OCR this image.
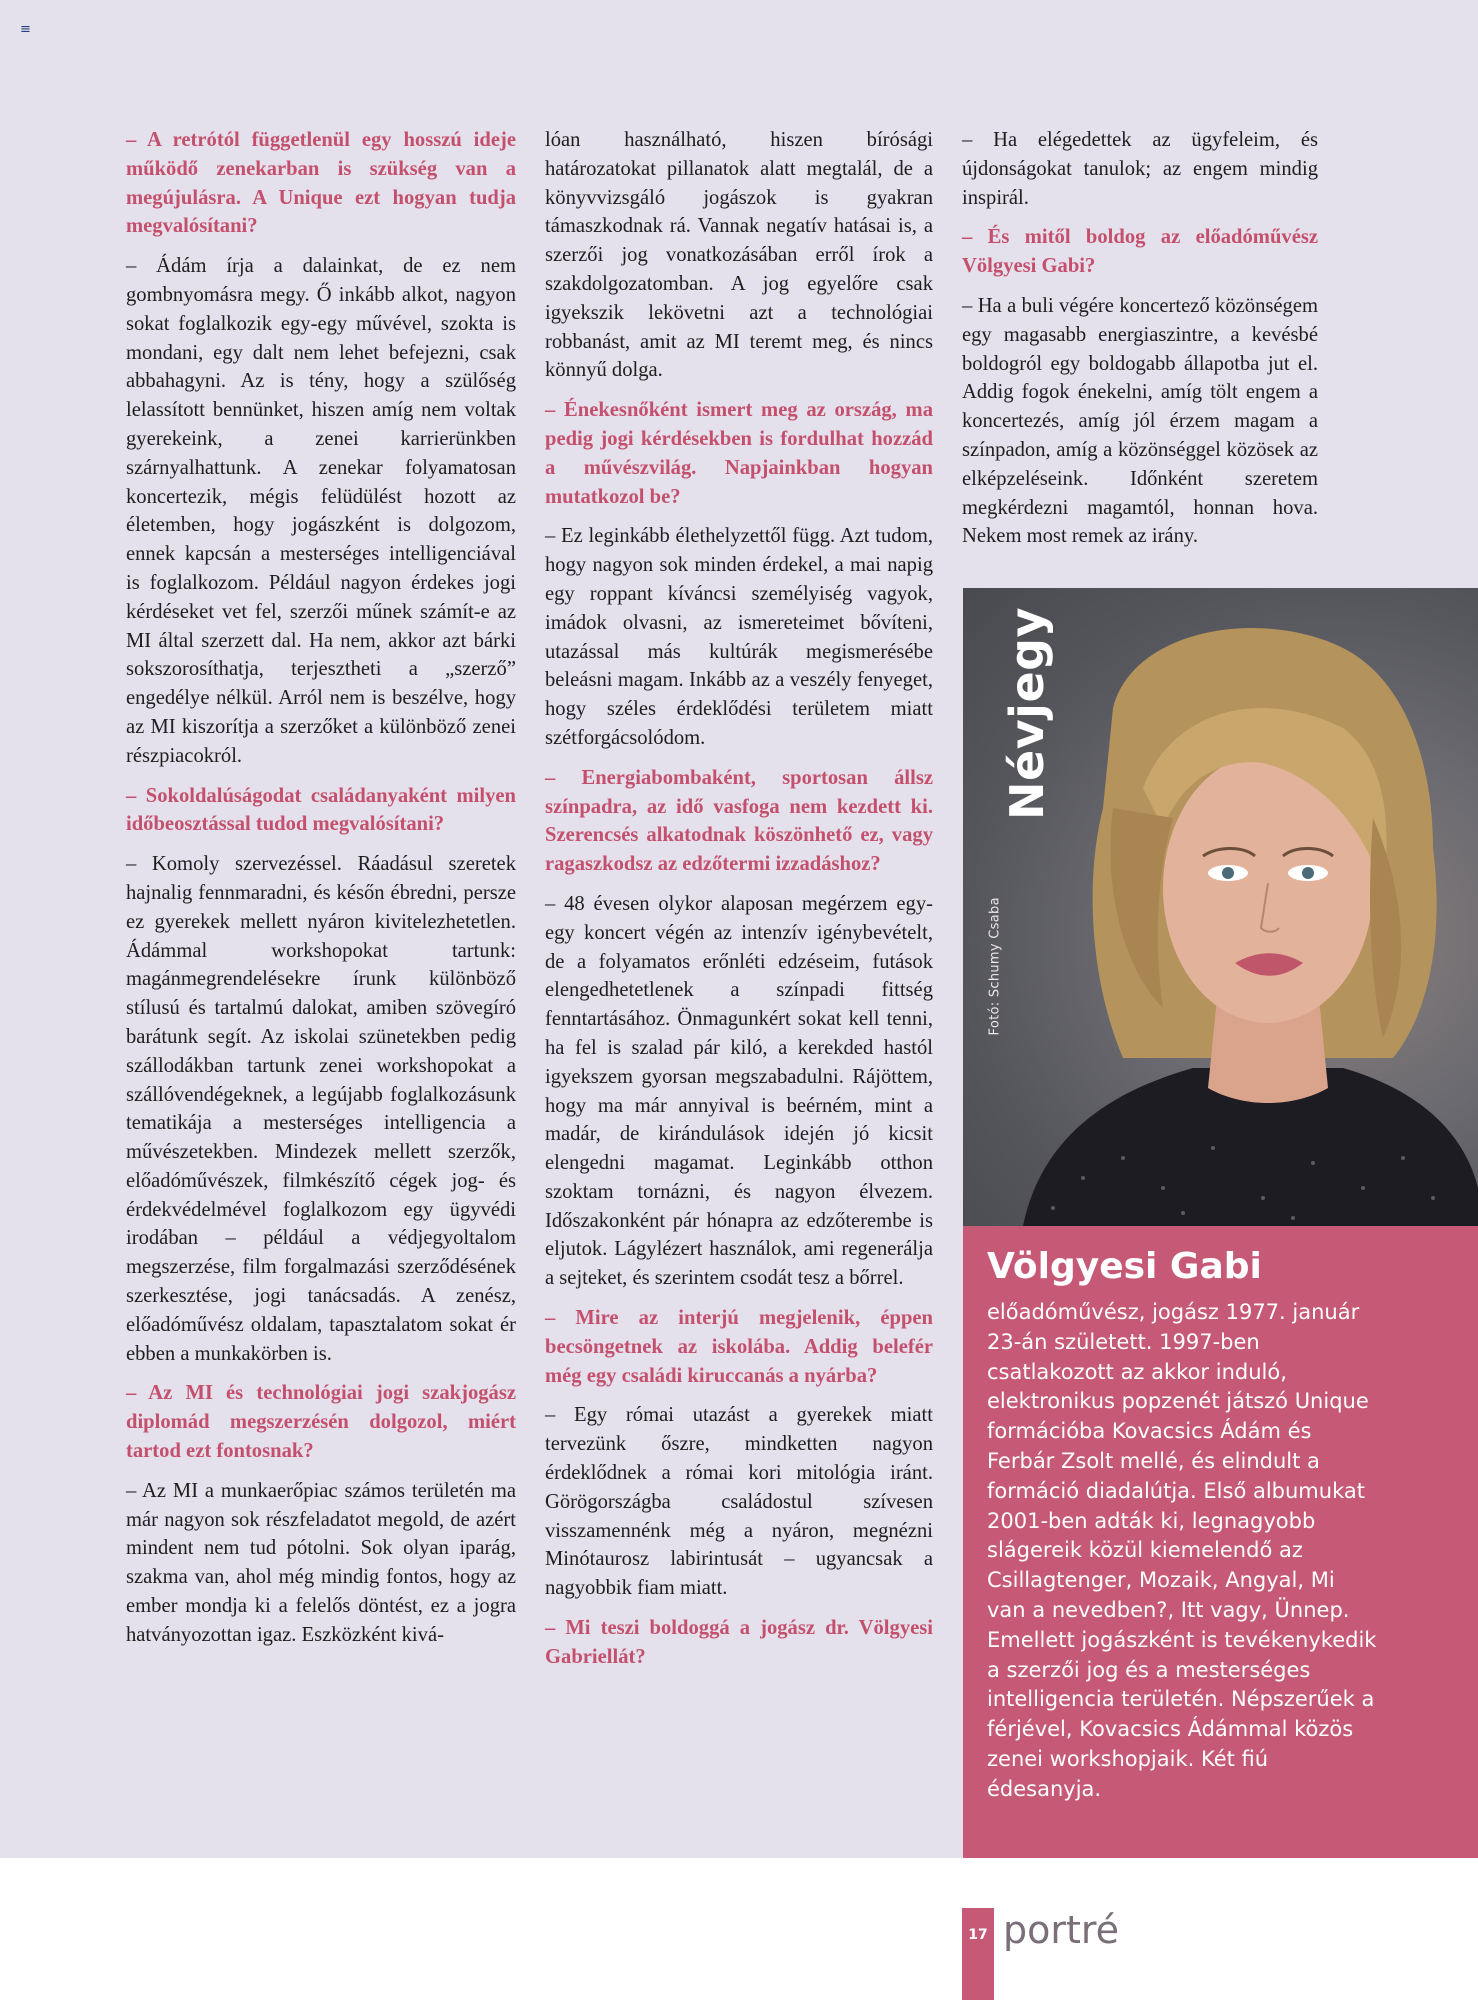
≡

– A retrótól függetlenül egy hosszú ideje működő zenekarban is szükség van a megújulásra. A Unique ezt hogyan tudja megvalósítani?

– Ádám írja a dalainkat, de ez nem gombnyomásra megy. Ő inkább alkot, nagyon sokat foglalkozik egy-egy művével, szokta is mondani, egy dalt nem lehet befejezni, csak abbahagyni. Az is tény, hogy a szülőség lelassított bennünket, hiszen amíg nem voltak gyerekeink, a zenei karrierünkben szárnyalhattunk. A zenekar folyamatosan koncertezik, mégis felüdülést hozott az életemben, hogy jogászként is dolgozom, ennek kapcsán a mesterséges intelligenciával is foglalkozom. Például nagyon érdekes jogi kérdéseket vet fel, szerzői műnek számít-e az MI által szerzett dal. Ha nem, akkor azt bárki sokszorosíthatja, terjesztheti a „szerző” engedélye nélkül. Arról nem is beszélve, hogy az MI kiszorítja a szerzőket a különböző zenei részpiacokról.

– Sokoldalúságodat családanyaként milyen időbeosztással tudod megvalósítani?

– Komoly szervezéssel. Ráadásul szeretek hajnalig fennmaradni, és későn ébredni, persze ez gyerekek mellett nyáron kivitelezhetetlen. Ádámmal workshopokat tartunk: magánmegrendelésekre írunk különböző stílusú és tartalmú dalokat, amiben szövegíró barátunk segít. Az iskolai szünetekben pedig szállodákban tartunk zenei workshopokat a szállóvendégeknek, a legújabb foglalkozásunk tematikája a mesterséges intelligencia a művészetekben. Mindezek mellett szerzők, előadóművészek, filmkészítő cégek jog- és érdekvédelmével foglalkozom egy ügyvédi irodában – például a védjegyoltalom megszerzése, film forgalmazási szerződésének szerkesztése, jogi tanácsadás. A zenész, előadóművész oldalam, tapasztalatom sokat ér ebben a munkakörben is.

– Az MI és technológiai jogi szakjogász diplomád megszerzésén dolgozol, miért tartod ezt fontosnak?

– Az MI a munkaerőpiac számos területén ma már nagyon sok részfeladatot megold, de azért mindent nem tud pótolni. Sok olyan iparág, szakma van, ahol még mindig fontos, hogy az ember mondja ki a felelős döntést, ez a jogra hatványozottan igaz. Eszközként kivá-

lóan használható, hiszen bírósági határozatokat pillanatok alatt megtalál, de a könyvvizsgáló jogászok is gyakran támaszkodnak rá. Vannak negatív hatásai is, a szerzői jog vonatkozásában erről írok a szakdolgozatomban. A jog egyelőre csak igyekszik lekövetni azt a technológiai robbanást, amit az MI teremt meg, és nincs könnyű dolga.

– Énekesnőként ismert meg az ország, ma pedig jogi kérdésekben is fordulhat hozzád a művészvilág. Napjainkban hogyan mutatkozol be?

– Ez leginkább élethelyzettől függ. Azt tudom, hogy nagyon sok minden érdekel, a mai napig egy roppant kíváncsi személyiség vagyok, imádok olvasni, az ismereteimet bővíteni, utazással más kultúrák megismerésébe beleásni magam. Inkább az a veszély fenyeget, hogy széles érdeklődési területem miatt szétforgácsolódom.

– Energiabombaként, sportosan állsz színpadra, az idő vasfoga nem kezdett ki. Szerencsés alkatodnak köszönhető ez, vagy ragaszkodsz az edzőtermi izzadáshoz?

– 48 évesen olykor alaposan megérzem egy-egy koncert végén az intenzív igénybevételt, de a folyamatos erőnléti edzéseim, futások elengedhetetlenek a színpadi fittség fenntartásához. Önmagunkért sokat kell tenni, ha fel is szalad pár kiló, a kerekded hastól igyekszem gyorsan megszabadulni. Rájöttem, hogy ma már annyival is beérném, mint a madár, de kirándulások idején jó kicsit elengedni magamat. Leginkább otthon szoktam tornázni, és nagyon élvezem. Időszakonként pár hónapra az edzőterembe is eljutok. Lágylézert használok, ami regenerálja a sejteket, és szerintem csodát tesz a bőrrel.

– Mire az interjú megjelenik, éppen becsöngetnek az iskolába. Addig belefér még egy családi kiruccanás a nyárba?

– Egy római utazást a gyerekek miatt tervezünk őszre, mindketten nagyon érdeklődnek a római kori mitológia iránt. Görögországba családostul szívesen visszamennénk még a nyáron, megnézni Minótaurosz labirintusát – ugyancsak a nagyobbik fiam miatt.

– Mi teszi boldoggá a jogász dr. Völgyesi Gabriellát?

– Ha elégedettek az ügyfeleim, és újdonságokat tanulok; az engem mindig inspirál.

– És mitől boldog az előadóművész Völgyesi Gabi?

– Ha a buli végére koncertező közönségem egy magasabb energiaszintre, a kevésbé boldogról egy boldogabb állapotba jut el. Addig fogok énekelni, amíg tölt engem a koncertezés, amíg jól érzem magam a színpadon, amíg a közönséggel közösek az elképzeléseink. Időnként szeretem megkérdezni magamtól, honnan hova. Nekem most remek az irány.

Fotó: Schumy Csaba
Névjegy
Völgyesi Gabi
előadóművész, jogász 1977. január 23-án született. 1997-ben csatlakozott az akkor induló, elektronikus popzenét játszó Unique formációba Kovacsics Ádám és Ferbár Zsolt mellé, és elindult a formáció diadalútja. Első albumukat 2001-ben adták ki, legnagyobb slágereik közül kiemelendő az Csillagtenger, Mozaik, Angyal, Mi van a nevedben?, Itt vagy, Ünnep. Emellett jogászként is tevékenykedik a szerzői jog és a mesterséges intelligencia területén. Népszerűek a férjével, Kovacsics Ádámmal közös zenei workshopjaik. Két fiú édesanyja.
17 portré
